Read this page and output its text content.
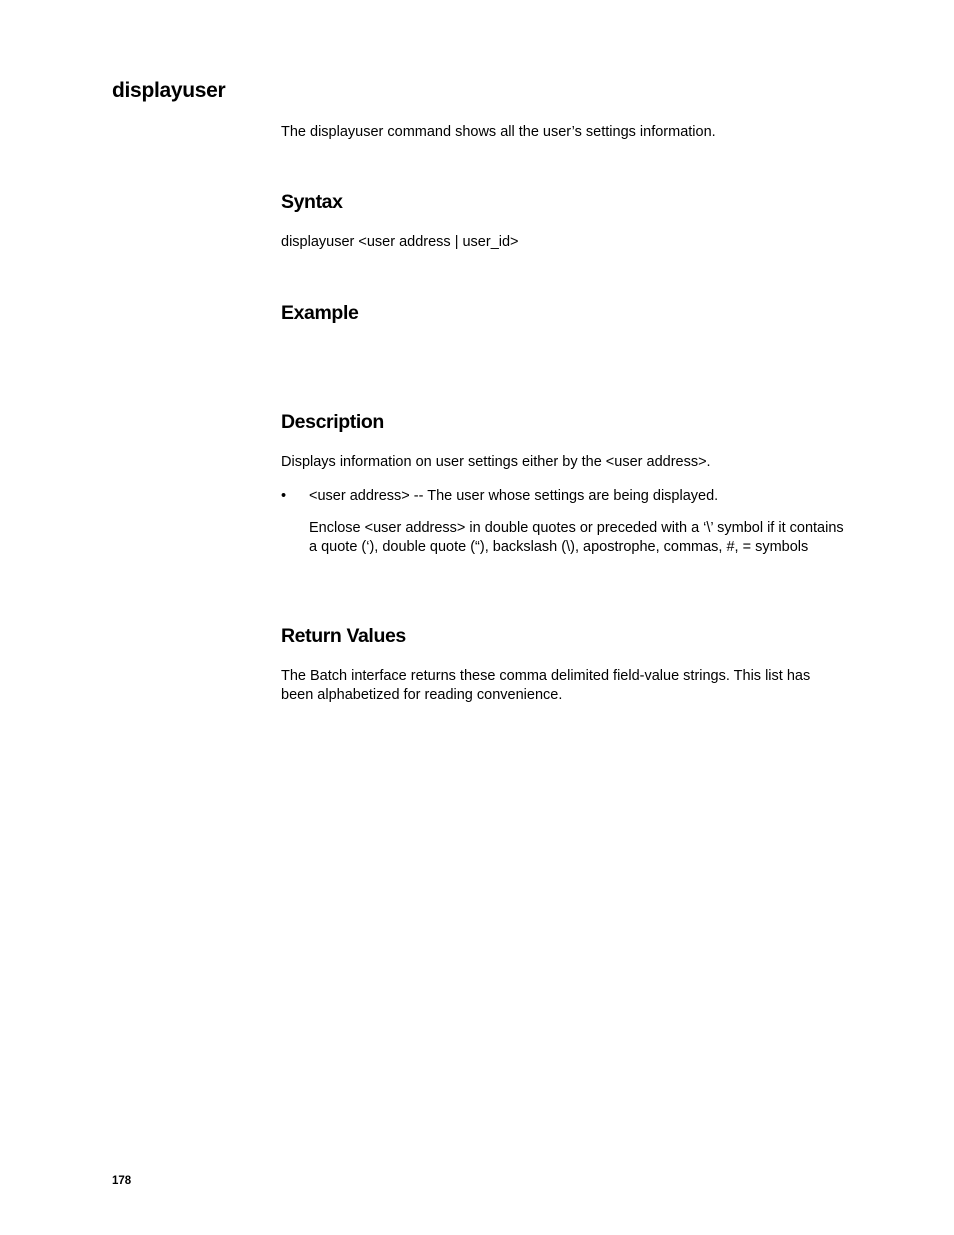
displayuser

The displayuser command shows all the user’s settings information.

Syntax

displayuser <user address | user_id>

Example
Description

Displays information on user settings either by the <user address>.

• <user address> -- The user whose settings are being displayed.

Enclose <user address> in double quotes or preceded with a ‘\’ symbol if it contains a quote (‘), double quote (“), backslash (\), apostrophe, commas, #, = symbols

Return Values

The Batch interface returns these comma delimited field-value strings. This list has been alphabetized for reading convenience.

178
